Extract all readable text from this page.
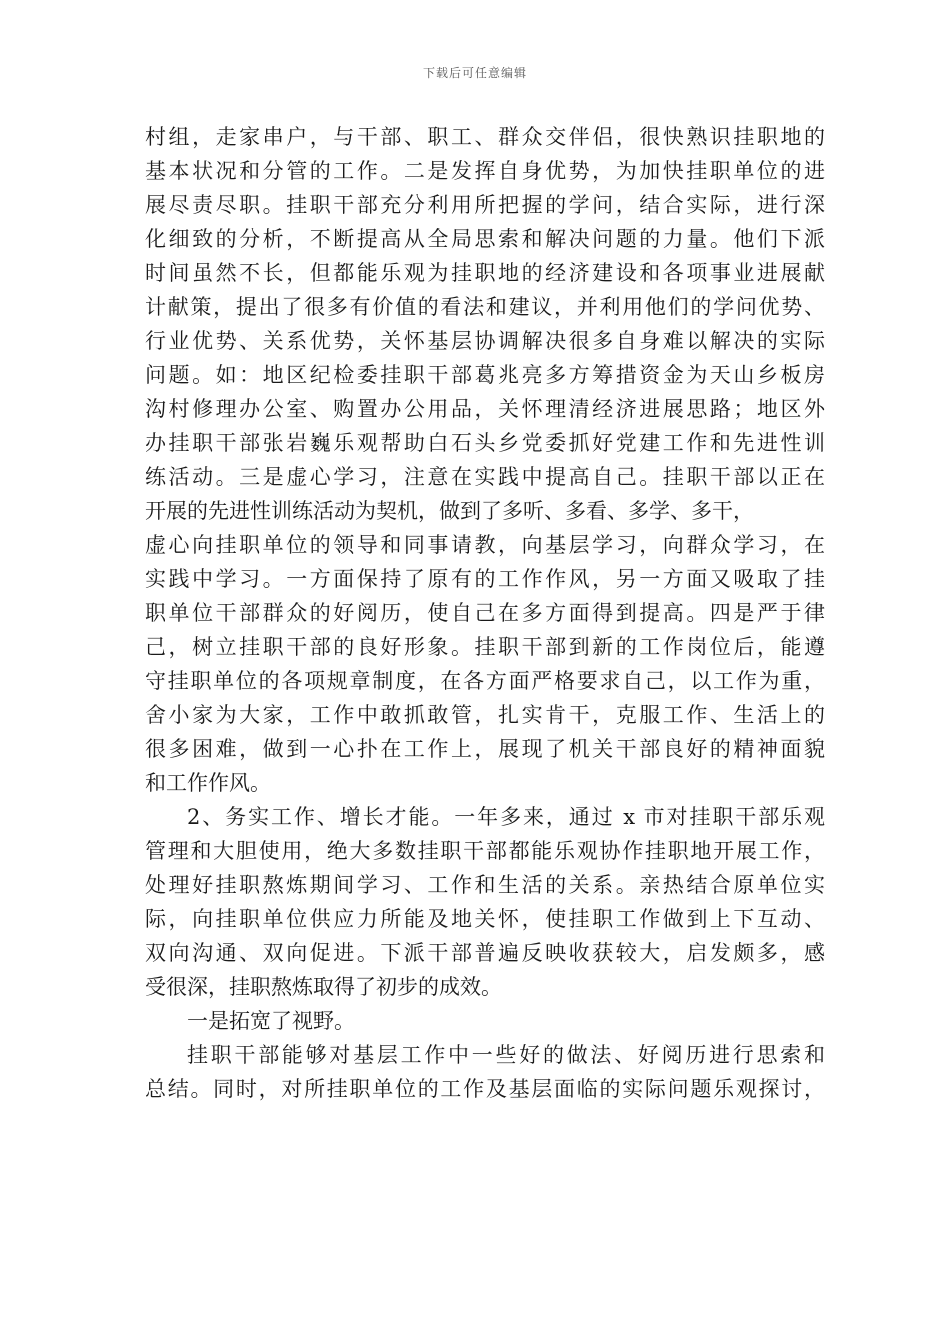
下载后可任意编辑
村组，走家串户，与干部、职工、群众交伴侣，很快熟识挂职地的
基本状况和分管的工作。二是发挥自身优势，为加快挂职单位的进
展尽责尽职。挂职干部充分利用所把握的学问，结合实际，进行深
化细致的分析，不断提高从全局思索和解决问题的力量。他们下派
时间虽然不长，但都能乐观为挂职地的经济建设和各项事业进展献
计献策，提出了很多有价值的看法和建议，并利用他们的学问优势、
行业优势、关系优势，关怀基层协调解决很多自身难以解决的实际
问题。如：地区纪检委挂职干部葛兆亮多方筹措资金为天山乡板房
沟村修理办公室、购置办公用品，关怀理清经济进展思路；地区外
办挂职干部张岩巍乐观帮助白石头乡党委抓好党建工作和先进性训
练活动。三是虚心学习，注意在实践中提高自己。挂职干部以正在
开展的先进性训练活动为契机，做到了多听、多看、多学、多干，
虚心向挂职单位的领导和同事请教，向基层学习，向群众学习，在
实践中学习。一方面保持了原有的工作作风，另一方面又吸取了挂
职单位干部群众的好阅历，使自己在多方面得到提高。四是严于律
己，树立挂职干部的良好形象。挂职干部到新的工作岗位后，能遵
守挂职单位的各项规章制度，在各方面严格要求自己，以工作为重，
舍小家为大家，工作中敢抓敢管，扎实肯干，克服工作、生活上的
很多困难，做到一心扑在工作上，展现了机关干部良好的精神面貌
和工作作风。
2、务实工作、增长才能。一年多来，通过 x 市对挂职干部乐观
管理和大胆使用，绝大多数挂职干部都能乐观协作挂职地开展工作，
处理好挂职熬炼期间学习、工作和生活的关系。亲热结合原单位实
际，向挂职单位供应力所能及地关怀，使挂职工作做到上下互动、
双向沟通、双向促进。下派干部普遍反映收获较大，启发颇多，感
受很深，挂职熬炼取得了初步的成效。
一是拓宽了视野。
挂职干部能够对基层工作中一些好的做法、好阅历进行思索和
总结。同时，对所挂职单位的工作及基层面临的实际问题乐观探讨，
